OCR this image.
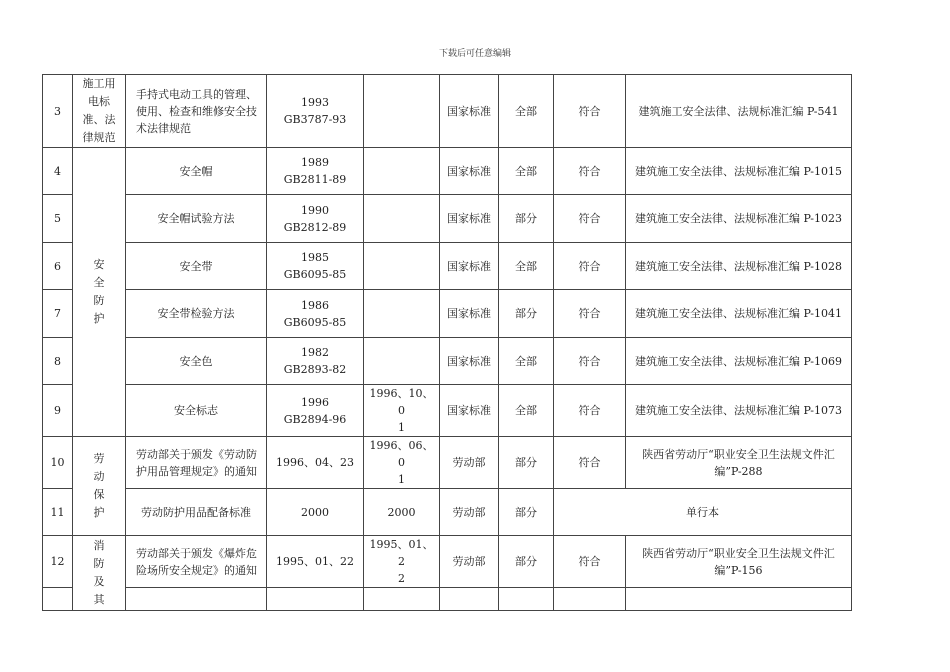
下载后可任意编辑
3	施工用
电标
准、法
律规范	手持式电动工具的管理、
使用、检查和维修安全技
术法律规范	1993
GB3787-93		国家标准	全部	符合	建筑施工安全法律、法规标准汇编 P-541
4	安
全
防
护	安全帽	1989
GB2811-89		国家标准	全部	符合	建筑施工安全法律、法规标准汇编 P-1015
5		安全帽试验方法	1990
GB2812-89		国家标准	部分	符合	建筑施工安全法律、法规标准汇编 P-1023
6		安全带	1985
GB6095-85		国家标准	全部	符合	建筑施工安全法律、法规标准汇编 P-1028
7		安全带检验方法	1986
GB6095-85		国家标准	部分	符合	建筑施工安全法律、法规标准汇编 P-1041
8		安全色	1982
GB2893-82		国家标准	全部	符合	建筑施工安全法律、法规标准汇编 P-1069
9		安全标志	1996
GB2894-96	1996、10、0
1	国家标准	全部	符合	建筑施工安全法律、法规标准汇编 P-1073
10	劳
动
保
护	劳动部关于颁发《劳动防
护用品管理规定》的通知	1996、04、23	1996、06、0
1	劳动部	部分	符合	陕西省劳动厅“职业安全卫生法规文件汇
编”P-288
11		劳动防护用品配备标准	2000	2000	劳动部	部分	单行本	
12	消
防
及
其	劳动部关于颁发《爆炸危
险场所安全规定》的通知	1995、01、22	1995、01、2
2	劳动部	部分	符合	陕西省劳动厅“职业安全卫生法规文件汇
编”P-156
